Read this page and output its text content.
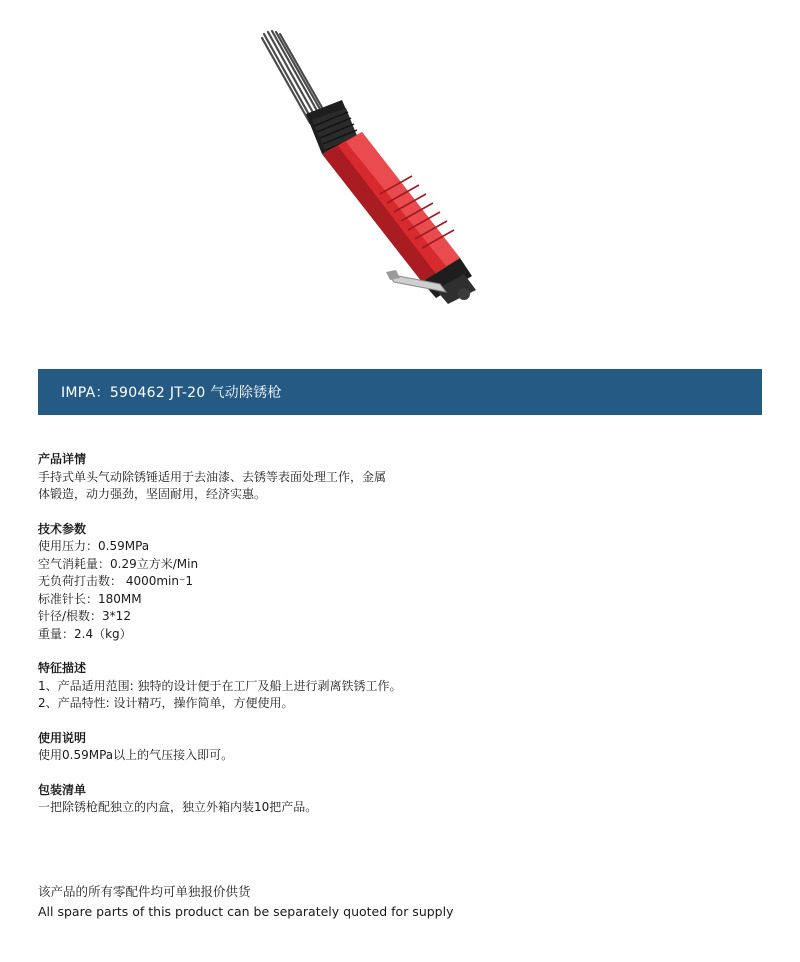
IMPA：590462 JT-20 气动除锈枪
产品详情
手持式单头气动除锈锤适用于去油漆、去锈等表面处理工作，金属
体锻造，动力强劲，坚固耐用，经济实惠。
技术参数
使用压力：0.59MPa
空气消耗量：0.29立方米/Min
无负荷打击数： 4000min⁻1
标准针长：180MM
针径/根数：3*12
重量：2.4（kg）
特征描述
1、产品适用范围: 独特的设计便于在工厂及船上进行剥离铁锈工作。
2、产品特性: 设计精巧，操作简单，方便使用。
使用说明
使用0.59MPa以上的气压接入即可。
包装清单
一把除锈枪配独立的内盒，独立外箱内装10把产品。
该产品的所有零配件均可单独报价供货
All spare parts of this product can be separately quoted for supply
